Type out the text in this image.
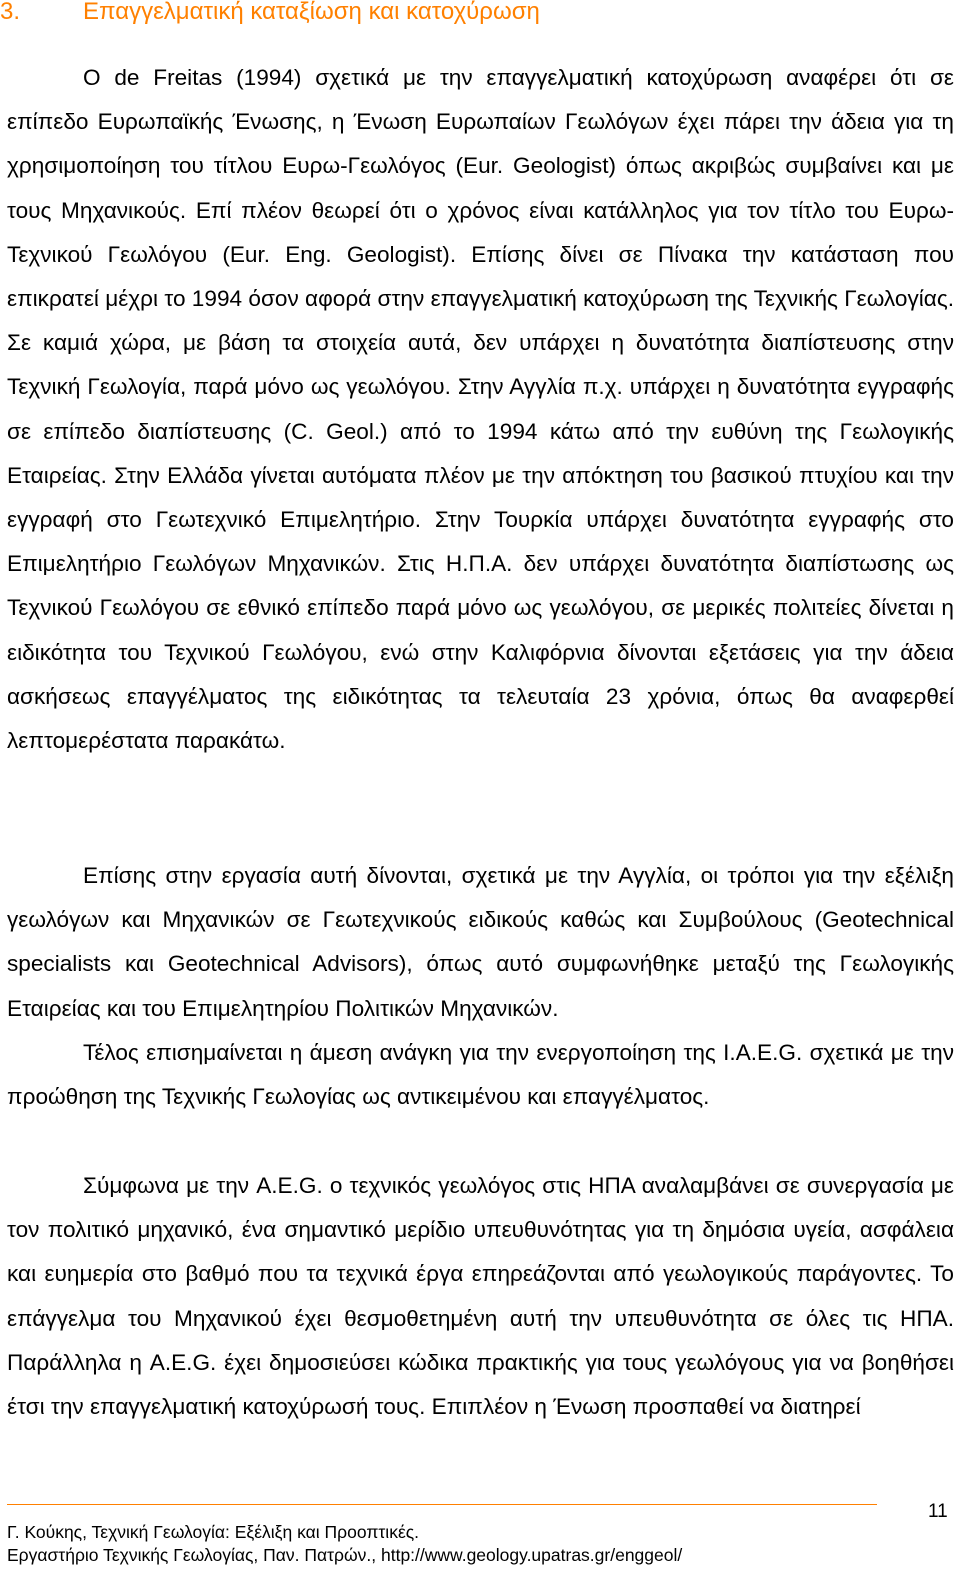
3.	Επαγγελματική καταξίωση και κατοχύρωση

Ο de Freitas (1994) σχετικά με την επαγγελματική κατοχύρωση αναφέρει ότι σε επίπεδο Ευρωπαϊκής Ένωσης, η Ένωση Ευρωπαίων Γεωλόγων έχει πάρει την άδεια για τη χρησιμοποίηση του τίτλου Ευρω-Γεωλόγος (Eur. Geologist) όπως ακριβώς συμβαίνει και με τους Μηχανικούς. Επί πλέον θεωρεί ότι ο χρόνος είναι κατάλληλος για τον τίτλο του Ευρω-Τεχνικού Γεωλόγου (Eur. Eng. Geologist). Επίσης δίνει σε Πίνακα την κατάσταση που επικρατεί μέχρι το 1994 όσον αφορά στην επαγγελματική κατοχύρωση της Τεχνικής Γεωλογίας. Σε καμιά χώρα, με βάση τα στοιχεία αυτά, δεν υπάρχει η δυνατότητα διαπίστευσης στην Τεχνική Γεωλογία, παρά μόνο ως γεωλόγου. Στην Αγγλία π.χ. υπάρχει η δυνατότητα εγγραφής σε επίπεδο διαπίστευσης (C. Geol.) από το 1994 κάτω από την ευθύνη της Γεωλογικής Εταιρείας. Στην Ελλάδα γίνεται αυτόματα πλέον με την απόκτηση του βασικού πτυχίου και την εγγραφή στο Γεωτεχνικό Επιμελητήριο. Στην Τουρκία υπάρχει δυνατότητα εγγραφής στο Επιμελητήριο Γεωλόγων Μηχανικών. Στις Η.Π.Α. δεν υπάρχει δυνατότητα διαπίστωσης ως Τεχνικού Γεωλόγου σε εθνικό επίπεδο παρά μόνο ως γεωλόγου, σε μερικές πολιτείες δίνεται η ειδικότητα του Τεχνικού Γεωλόγου, ενώ στην Καλιφόρνια δίνονται εξετάσεις για την άδεια ασκήσεως επαγγέλματος της ειδικότητας τα τελευταία 23 χρόνια, όπως θα αναφερθεί λεπτομερέστατα παρακάτω.

Επίσης στην εργασία αυτή δίνονται, σχετικά με την Αγγλία, οι τρόποι για την εξέλιξη γεωλόγων και Μηχανικών σε Γεωτεχνικούς ειδικούς καθώς και Συμβούλους (Geotechnical specialists και Geotechnical Advisors), όπως αυτό συμφωνήθηκε μεταξύ της Γεωλογικής Εταιρείας και του Επιμελητηρίου Πολιτικών Μηχανικών.

Τέλος επισημαίνεται η άμεση ανάγκη για την ενεργοποίηση της I.A.E.G. σχετικά με την προώθηση της Τεχνικής Γεωλογίας ως αντικειμένου και επαγγέλματος.

Σύμφωνα με την A.E.G. ο τεχνικός γεωλόγος στις ΗΠΑ αναλαμβάνει σε συνεργασία με τον πολιτικό μηχανικό, ένα σημαντικό μερίδιο υπευθυνότητας για τη δημόσια υγεία, ασφάλεια και ευημερία στο βαθμό που τα τεχνικά έργα επηρεάζονται από γεωλογικούς παράγοντες. Το επάγγελμα του Μηχανικού έχει θεσμοθετημένη αυτή την υπευθυνότητα σε όλες τις ΗΠΑ. Παράλληλα η A.E.G. έχει δημοσιεύσει κώδικα πρακτικής για τους γεωλόγους για να βοηθήσει έτσι την επαγγελματική κατοχύρωσή τους. Επιπλέον η Ένωση προσπαθεί να διατηρεί

11
Γ. Κούκης, Τεχνική Γεωλογία: Εξέλιξη και Προοπτικές.
Εργαστήριο Τεχνικής Γεωλογίας, Παν. Πατρών., http://www.geology.upatras.gr/enggeol/
